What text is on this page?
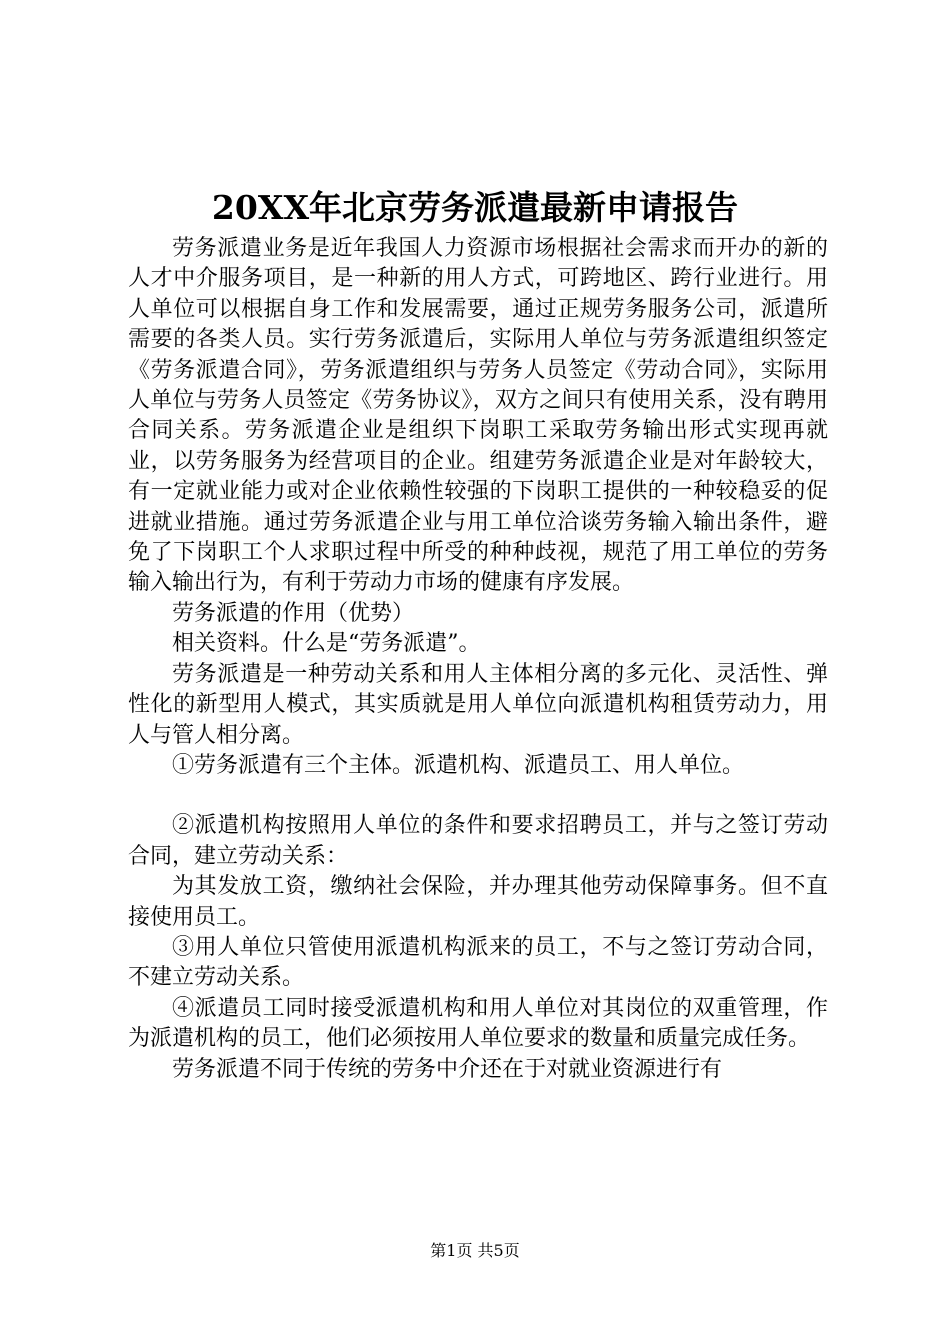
20XX年北京劳务派遣最新申请报告

劳务派遣业务是近年我国人力资源市场根据社会需求而开办的新的人才中介服务项目，是一种新的用人方式，可跨地区、跨行业进行。用人单位可以根据自身工作和发展需要，通过正规劳务服务公司，派遣所需要的各类人员。实行劳务派遣后，实际用人单位与劳务派遣组织签定《劳务派遣合同》，劳务派遣组织与劳务人员签定《劳动合同》，实际用人单位与劳务人员签定《劳务协议》，双方之间只有使用关系，没有聘用合同关系。劳务派遣企业是组织下岗职工采取劳务输出形式实现再就业，以劳务服务为经营项目的企业。组建劳务派遣企业是对年龄较大，有一定就业能力或对企业依赖性较强的下岗职工提供的一种较稳妥的促进就业措施。通过劳务派遣企业与用工单位洽谈劳务输入输出条件，避免了下岗职工个人求职过程中所受的种种歧视，规范了用工单位的劳务输入输出行为，有利于劳动力市场的健康有序发展。

劳务派遣的作用（优势）

相关资料。什么是“劳务派遣”。

劳务派遣是一种劳动关系和用人主体相分离的多元化、灵活性、弹性化的新型用人模式，其实质就是用人单位向派遣机构租赁劳动力，用人与管人相分离。

①劳务派遣有三个主体。派遣机构、派遣员工、用人单位。

②派遣机构按照用人单位的条件和要求招聘员工，并与之签订劳动合同，建立劳动关系：

为其发放工资，缴纳社会保险，并办理其他劳动保障事务。但不直接使用员工。

③用人单位只管使用派遣机构派来的员工，不与之签订劳动合同，不建立劳动关系。

④派遣员工同时接受派遣机构和用人单位对其岗位的双重管理，作为派遣机构的员工，他们必须按用人单位要求的数量和质量完成任务。

劳务派遣不同于传统的劳务中介还在于对就业资源进行有

第1页 共5页
